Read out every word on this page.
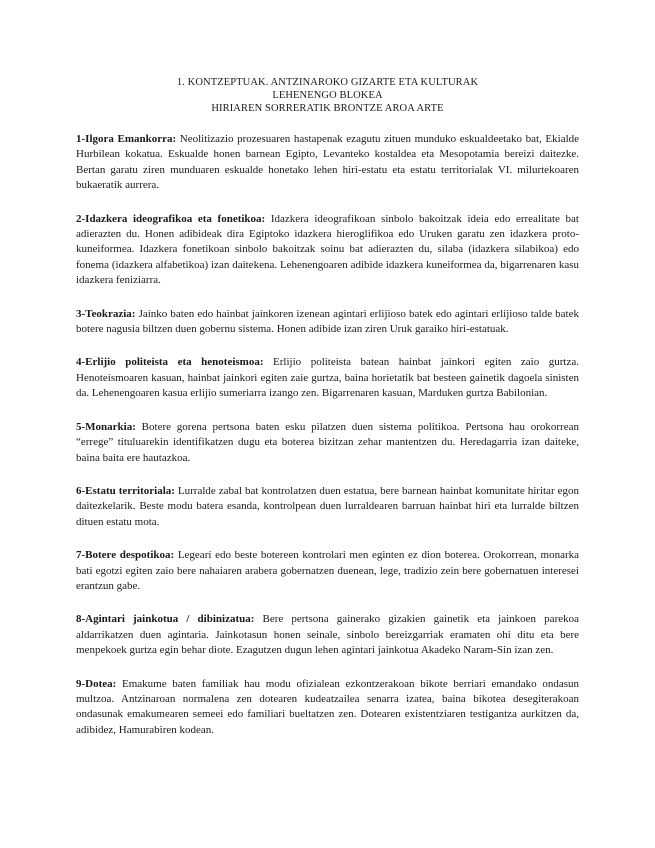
1. KONTZEPTUAK. ANTZINAROKO GIZARTE ETA KULTURAK
LEHENENGO BLOKEA
HIRIAREN SORRERATIK BRONTZE AROA ARTE

1-Ilgora Emankorra: Neolitizazio prozesuaren hastapenak ezagutu zituen munduko eskualdeetako bat, Ekialde Hurbilean kokatua. Eskualde honen barnean Egipto, Levanteko kostaldea eta Mesopotamia bereizi daitezke. Bertan garatu ziren munduaren eskualde honetako lehen hiri-estatu eta estatu territorialak VI. milurtekoaren bukaeratik aurrera.

2-Idazkera ideografikoa eta fonetikoa: Idazkera ideografikoan sinbolo bakoitzak ideia edo errealitate bat adierazten du. Honen adibideak dira Egiptoko idazkera hieroglifikoa edo Uruken garatu zen idazkera proto-kuneiformea. Idazkera fonetikoan sinbolo bakoitzak soinu bat adierazten du, silaba (idazkera silabikoa) edo fonema (idazkera alfabetikoa) izan daitekena. Lehenengoaren adibide idazkera kuneiformea da, bigarrenaren kasu idazkera feniziarra.

3-Teokrazia: Jainko baten edo hainbat jainkoren izenean agintari erlijioso batek edo agintari erlijioso talde batek botere nagusia biltzen duen gobernu sistema. Honen adibide izan ziren Uruk garaiko hiri-estatuak.

4-Erlijio politeista eta henoteismoa: Erlijio politeista batean hainbat jainkori egiten zaio gurtza. Henoteismoaren kasuan, hainbat jainkori egiten zaie gurtza, baina horietatik bat besteen gainetik dagoela sinisten da. Lehenengoaren kasua erlijio sumeriarra izango zen. Bigarrenaren kasuan, Marduken gurtza Babilonian.

5-Monarkia: Botere gorena pertsona baten esku pilatzen duen sistema politikoa. Pertsona hau orokorrean “errege” tituluarekin identifikatzen dugu eta boterea bizitzan zehar mantentzen du. Heredagarria izan daiteke, baina baita ere hautazkoa.

6-Estatu territoriala: Lurralde zabal bat kontrolatzen duen estatua, bere barnean hainbat komunitate hiritar egon daitezkelarik. Beste modu batera esanda, kontrolpean duen lurraldearen barruan hainbat hiri eta lurralde biltzen dituen estatu mota.

7-Botere despotikoa: Legearí edo beste botereen kontrolari men eginten ez dion boterea. Orokorrean, monarka bati egotzi egiten zaio bere nahaiaren arabera gobernatzen duenean, lege, tradizio zein bere gobernatuen interesei erantzun gabe.

8-Agintari jainkotua / dibinizatua: Bere pertsona gainerako gizakien gainetik eta jainkoen parekoa aldarrikatzen duen agintaria. Jainkotasun honen seinale, sinbolo bereizgarriak eramaten ohi ditu eta bere menpekoek gurtza egin behar diote. Ezagutzen dugun lehen agintari jainkotua Akadeko Naram-Sin izan zen.

9-Dotea: Emakume baten familiak hau modu ofizialean ezkontzerakoan bikote berriari emandako ondasun multzoa. Antzinaroan normalena zen dotearen kudeatzailea senarra izatea, baina bikotea desegiterakoan ondasunak emakumearen semeei edo familiari bueltatzen zen. Dotearen existentziaren testigantza aurkitzen da, adibidez, Hamurabiren kodean.
